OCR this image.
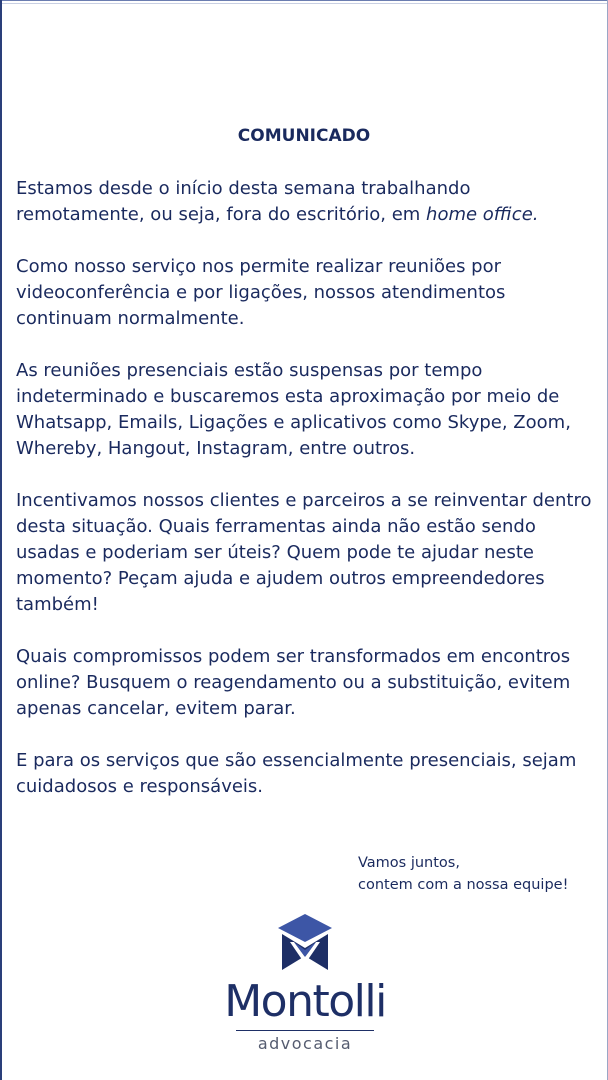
COMUNICADO

Estamos desde o início desta semana trabalhando remotamente, ou seja, fora do escritório, em home office.

Como nosso serviço nos permite realizar reuniões por videoconferência e por ligações, nossos atendimentos continuam normalmente.

As reuniões presenciais estão suspensas por tempo indeterminado e buscaremos esta aproximação por meio de Whatsapp, Emails, Ligações e aplicativos como Skype, Zoom, Whereby, Hangout, Instagram, entre outros.

Incentivamos nossos clientes e parceiros a se reinventar dentro desta situação. Quais ferramentas ainda não estão sendo usadas e poderiam ser úteis? Quem pode te ajudar neste momento? Peçam ajuda e ajudem outros empreendedores também!

Quais compromissos podem ser transformados em encontros online? Busquem o reagendamento ou a substituição, evitem apenas cancelar, evitem parar.

E para os serviços que são essencialmente presenciais, sejam cuidadosos e responsáveis.

Vamos juntos,
contem com a nossa equipe!
Montolli
advocacia
